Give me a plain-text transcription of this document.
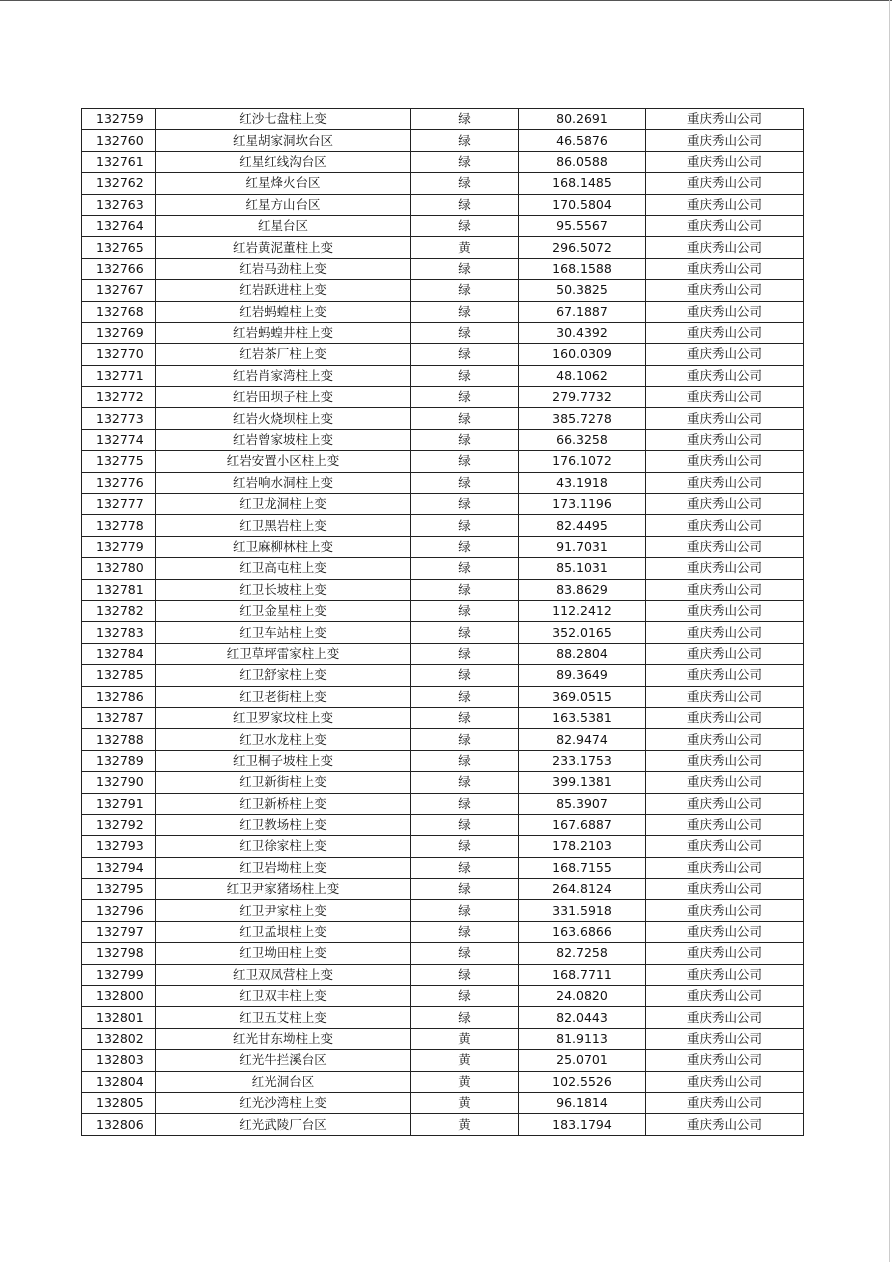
132759	红沙七盘柱上变	绿	80.2691	重庆秀山公司
132760	红星胡家洞坎台区	绿	46.5876	重庆秀山公司
132761	红星红线沟台区	绿	86.0588	重庆秀山公司
132762	红星烽火台区	绿	168.1485	重庆秀山公司
132763	红星方山台区	绿	170.5804	重庆秀山公司
132764	红星台区	绿	95.5567	重庆秀山公司
132765	红岩黄泥董柱上变	黄	296.5072	重庆秀山公司
132766	红岩马劲柱上变	绿	168.1588	重庆秀山公司
132767	红岩跃进柱上变	绿	50.3825	重庆秀山公司
132768	红岩蚂蝗柱上变	绿	67.1887	重庆秀山公司
132769	红岩蚂蝗井柱上变	绿	30.4392	重庆秀山公司
132770	红岩茶厂柱上变	绿	160.0309	重庆秀山公司
132771	红岩肖家湾柱上变	绿	48.1062	重庆秀山公司
132772	红岩田坝子柱上变	绿	279.7732	重庆秀山公司
132773	红岩火烧坝柱上变	绿	385.7278	重庆秀山公司
132774	红岩曾家坡柱上变	绿	66.3258	重庆秀山公司
132775	红岩安置小区柱上变	绿	176.1072	重庆秀山公司
132776	红岩响水洞柱上变	绿	43.1918	重庆秀山公司
132777	红卫龙洞柱上变	绿	173.1196	重庆秀山公司
132778	红卫黑岩柱上变	绿	82.4495	重庆秀山公司
132779	红卫麻柳林柱上变	绿	91.7031	重庆秀山公司
132780	红卫高屯柱上变	绿	85.1031	重庆秀山公司
132781	红卫长坡柱上变	绿	83.8629	重庆秀山公司
132782	红卫金星柱上变	绿	112.2412	重庆秀山公司
132783	红卫车站柱上变	绿	352.0165	重庆秀山公司
132784	红卫草坪雷家柱上变	绿	88.2804	重庆秀山公司
132785	红卫舒家柱上变	绿	89.3649	重庆秀山公司
132786	红卫老街柱上变	绿	369.0515	重庆秀山公司
132787	红卫罗家坟柱上变	绿	163.5381	重庆秀山公司
132788	红卫水龙柱上变	绿	82.9474	重庆秀山公司
132789	红卫桐子坡柱上变	绿	233.1753	重庆秀山公司
132790	红卫新街柱上变	绿	399.1381	重庆秀山公司
132791	红卫新桥柱上变	绿	85.3907	重庆秀山公司
132792	红卫教场柱上变	绿	167.6887	重庆秀山公司
132793	红卫徐家柱上变	绿	178.2103	重庆秀山公司
132794	红卫岩坳柱上变	绿	168.7155	重庆秀山公司
132795	红卫尹家猪场柱上变	绿	264.8124	重庆秀山公司
132796	红卫尹家柱上变	绿	331.5918	重庆秀山公司
132797	红卫孟垠柱上变	绿	163.6866	重庆秀山公司
132798	红卫坳田柱上变	绿	82.7258	重庆秀山公司
132799	红卫双凤营柱上变	绿	168.7711	重庆秀山公司
132800	红卫双丰柱上变	绿	24.0820	重庆秀山公司
132801	红卫五艾柱上变	绿	82.0443	重庆秀山公司
132802	红光甘东坳柱上变	黄	81.9113	重庆秀山公司
132803	红光牛拦溪台区	黄	25.0701	重庆秀山公司
132804	红光洞台区	黄	102.5526	重庆秀山公司
132805	红光沙湾柱上变	黄	96.1814	重庆秀山公司
132806	红光武陵厂台区	黄	183.1794	重庆秀山公司
